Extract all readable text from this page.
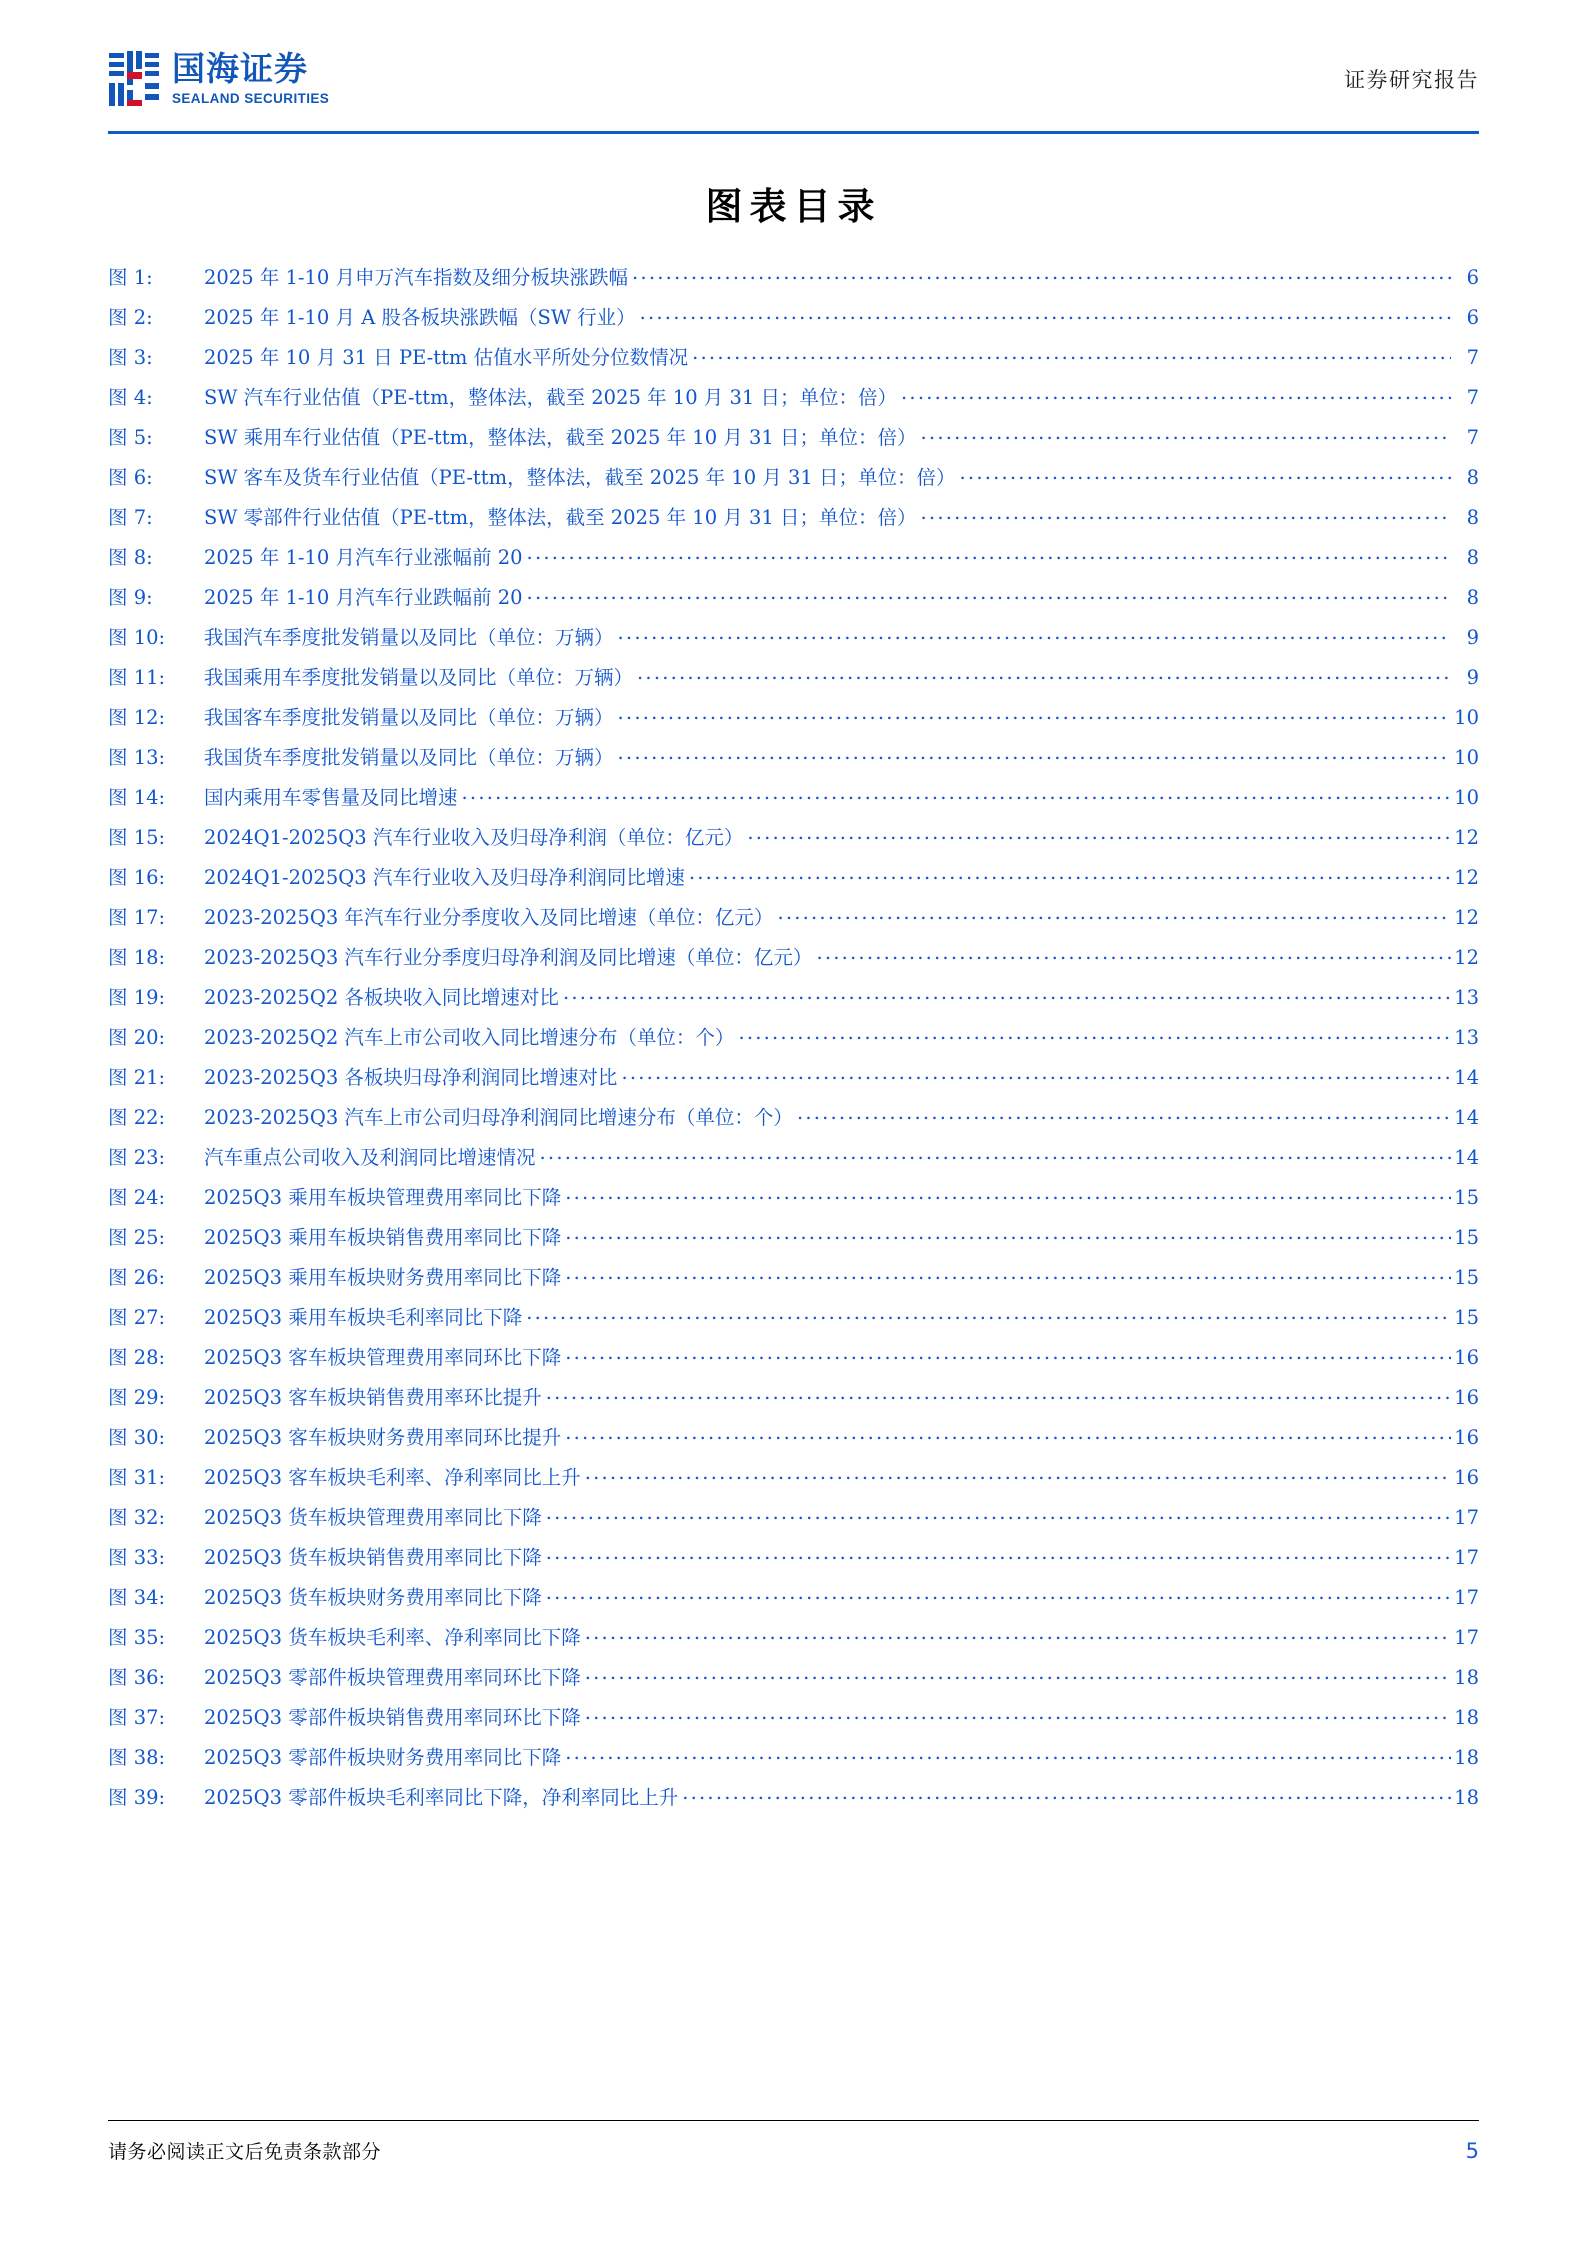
国海证券
SEALAND SECURITIES
证券研究报告
图表目录
图 1:	2025 年 1-10 月申万汽车指数及细分板块涨跌幅 .....	6
图 2:	2025 年 1-10 月 A 股各板块涨跌幅（SW 行业） .....	6
图 3:	2025 年 10 月 31 日 PE-ttm 估值水平所处分位数情况 .....	7
图 4:	SW 汽车行业估值（PE-ttm，整体法，截至 2025 年 10 月 31 日；单位：倍） .....	7
图 5:	SW 乘用车行业估值（PE-ttm，整体法，截至 2025 年 10 月 31 日；单位：倍） .....	7
图 6:	SW 客车及货车行业估值（PE-ttm，整体法，截至 2025 年 10 月 31 日；单位：倍） .....	8
图 7:	SW 零部件行业估值（PE-ttm，整体法，截至 2025 年 10 月 31 日；单位：倍） .....	8
图 8:	2025 年 1-10 月汽车行业涨幅前 20 .....	8
图 9:	2025 年 1-10 月汽车行业跌幅前 20 .....	8
图 10:	我国汽车季度批发销量以及同比（单位：万辆） .....	9
图 11:	我国乘用车季度批发销量以及同比（单位：万辆） .....	9
图 12:	我国客车季度批发销量以及同比（单位：万辆） .....	10
图 13:	我国货车季度批发销量以及同比（单位：万辆） .....	10
图 14:	国内乘用车零售量及同比增速 .....	10
图 15:	2024Q1-2025Q3 汽车行业收入及归母净利润（单位：亿元） .....	12
图 16:	2024Q1-2025Q3 汽车行业收入及归母净利润同比增速 .....	12
图 17:	2023-2025Q3 年汽车行业分季度收入及同比增速（单位：亿元） .....	12
图 18:	2023-2025Q3 汽车行业分季度归母净利润及同比增速（单位：亿元） .....	12
图 19:	2023-2025Q2 各板块收入同比增速对比 .....	13
图 20:	2023-2025Q2 汽车上市公司收入同比增速分布（单位：个） .....	13
图 21:	2023-2025Q3 各板块归母净利润同比增速对比 .....	14
图 22:	2023-2025Q3 汽车上市公司归母净利润同比增速分布（单位：个） .....	14
图 23:	汽车重点公司收入及利润同比增速情况 .....	14
图 24:	2025Q3 乘用车板块管理费用率同比下降 .....	15
图 25:	2025Q3 乘用车板块销售费用率同比下降 .....	15
图 26:	2025Q3 乘用车板块财务费用率同比下降 .....	15
图 27:	2025Q3 乘用车板块毛利率同比下降 .....	15
图 28:	2025Q3 客车板块管理费用率同环比下降 .....	16
图 29:	2025Q3 客车板块销售费用率环比提升 .....	16
图 30:	2025Q3 客车板块财务费用率同环比提升 .....	16
图 31:	2025Q3 客车板块毛利率、净利率同比上升 .....	16
图 32:	2025Q3 货车板块管理费用率同比下降 .....	17
图 33:	2025Q3 货车板块销售费用率同比下降 .....	17
图 34:	2025Q3 货车板块财务费用率同比下降 .....	17
图 35:	2025Q3 货车板块毛利率、净利率同比下降 .....	17
图 36:	2025Q3 零部件板块管理费用率同环比下降 .....	18
图 37:	2025Q3 零部件板块销售费用率同环比下降 .....	18
图 38:	2025Q3 零部件板块财务费用率同比下降 .....	18
图 39:	2025Q3 零部件板块毛利率同比下降，净利率同比上升 .....	18
请务必阅读正文后免责条款部分	5
